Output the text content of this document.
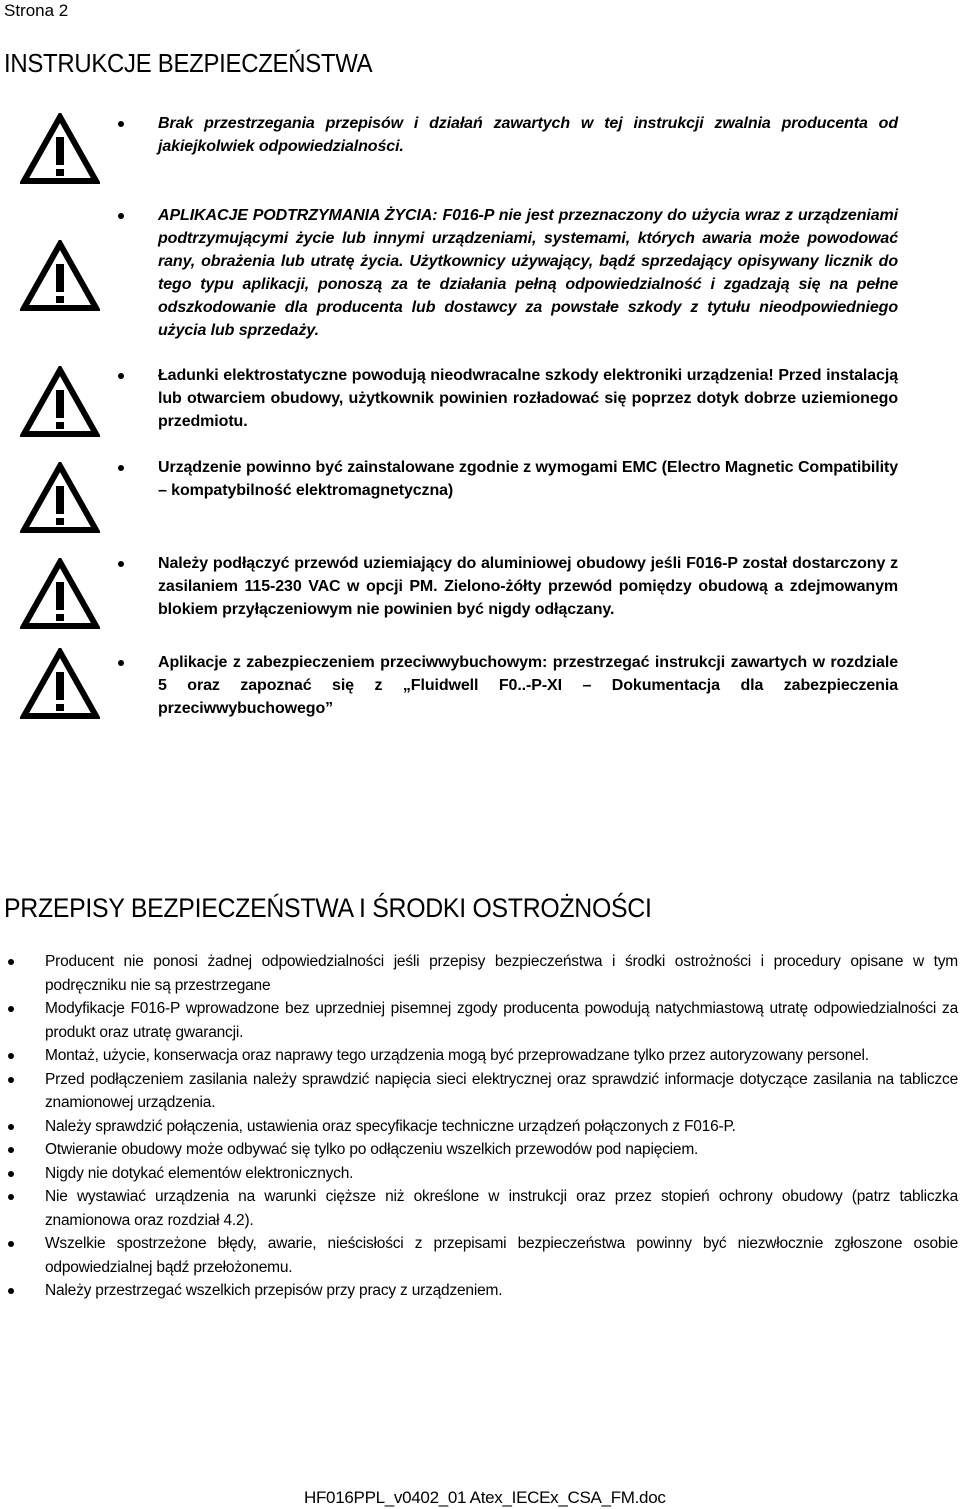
Strona 2
INSTRUKCJE BEZPIECZEŃSTWA
Brak przestrzegania przepisów i działań zawartych w tej instrukcji zwalnia producenta od jakiejkolwiek odpowiedzialności.
APLIKACJE PODTRZYMANIA ŻYCIA: F016-P nie jest przeznaczony do użycia wraz z urządzeniami podtrzymującymi życie lub innymi urządzeniami, systemami, których awaria może powodować rany, obrażenia lub utratę życia. Użytkownicy używający, bądź sprzedający opisywany licznik do tego typu aplikacji, ponoszą za te działania pełną odpowiedzialność i zgadzają się na pełne odszkodowanie dla producenta lub dostawcy za powstałe szkody z tytułu nieodpowiedniego użycia lub sprzedaży.
Ładunki elektrostatyczne powodują nieodwracalne szkody elektroniki urządzenia! Przed instalacją lub otwarciem obudowy, użytkownik powinien rozładować się poprzez dotyk dobrze uziemionego przedmiotu.
Urządzenie powinno być zainstalowane zgodnie z wymogami EMC (Electro Magnetic Compatibility – kompatybilność elektromagnetyczna)
Należy podłączyć przewód uziemiający do aluminiowej obudowy jeśli F016-P został dostarczony z zasilaniem 115-230 VAC w opcji PM. Zielono-żółty przewód pomiędzy obudową a zdejmowanym blokiem przyłączeniowym nie powinien być nigdy odłączany.
Aplikacje z zabezpieczeniem przeciwwybuchowym: przestrzegać instrukcji zawartych w rozdziale 5 oraz zapoznać się z „Fluidwell F0..-P-XI – Dokumentacja dla zabezpieczenia przeciwwybuchowego”
PRZEPISY BEZPIECZEŃSTWA I ŚRODKI OSTROŻNOŚCI
Producent nie ponosi żadnej odpowiedzialności jeśli przepisy bezpieczeństwa i środki ostrożności i procedury opisane w tym podręczniku nie są przestrzegane
Modyfikacje F016-P wprowadzone bez uprzedniej pisemnej zgody producenta powodują natychmiastową utratę odpowiedzialności za produkt oraz utratę gwarancji.
Montaż, użycie, konserwacja oraz naprawy tego urządzenia mogą być przeprowadzane tylko przez autoryzowany personel.
Przed podłączeniem zasilania należy sprawdzić napięcia sieci elektrycznej oraz sprawdzić informacje dotyczące zasilania na tabliczce znamionowej urządzenia.
Należy sprawdzić połączenia, ustawienia oraz specyfikacje techniczne urządzeń połączonych z F016-P.
Otwieranie obudowy może odbywać się tylko po odłączeniu wszelkich przewodów pod napięciem.
Nigdy nie dotykać elementów elektronicznych.
Nie wystawiać urządzenia na warunki cięższe niż określone w instrukcji oraz przez stopień ochrony obudowy (patrz tabliczka znamionowa oraz rozdział 4.2).
Wszelkie spostrzeżone błędy, awarie, nieścisłości z przepisami bezpieczeństwa powinny być niezwłocznie zgłoszone osobie odpowiedzialnej bądź przełożonemu.
Należy przestrzegać wszelkich przepisów przy pracy z urządzeniem.
HF016PPL_v0402_01 Atex_IECEx_CSA_FM.doc
